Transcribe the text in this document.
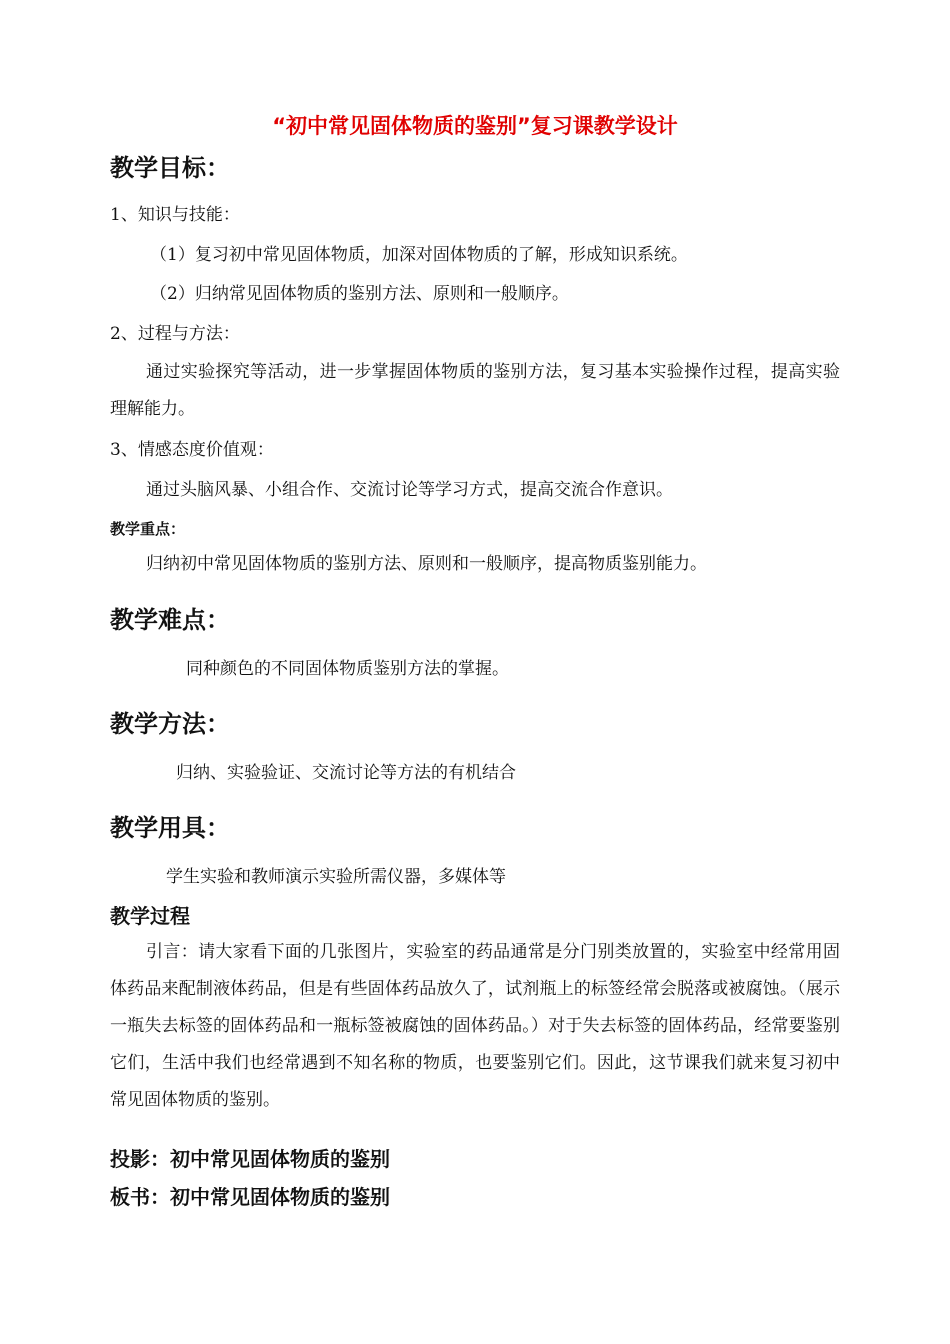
“初中常见固体物质的鉴别”复习课教学设计
教学目标：
1、知识与技能：
（1）复习初中常见固体物质，加深对固体物质的了解，形成知识系统。
（2）归纳常见固体物质的鉴别方法、原则和一般顺序。
2、过程与方法：
通过实验探究等活动，进一步掌握固体物质的鉴别方法，复习基本实验操作过程，提高实验理解能力。
3、情感态度价值观：
通过头脑风暴、小组合作、交流讨论等学习方式，提高交流合作意识。
教学重点：
归纳初中常见固体物质的鉴别方法、原则和一般顺序，提高物质鉴别能力。
教学难点：
同种颜色的不同固体物质鉴别方法的掌握。
教学方法：
归纳、实验验证、交流讨论等方法的有机结合
教学用具：
学生实验和教师演示实验所需仪器，多媒体等
教学过程
引言：请大家看下面的几张图片，实验室的药品通常是分门别类放置的，实验室中经常用固体药品来配制液体药品，但是有些固体药品放久了，试剂瓶上的标签经常会脱落或被腐蚀。（展示一瓶失去标签的固体药品和一瓶标签被腐蚀的固体药品。）对于失去标签的固体药品，经常要鉴别它们，生活中我们也经常遇到不知名称的物质，也要鉴别它们。因此，这节课我们就来复习初中常见固体物质的鉴别。
投影：初中常见固体物质的鉴别
板书：初中常见固体物质的鉴别
